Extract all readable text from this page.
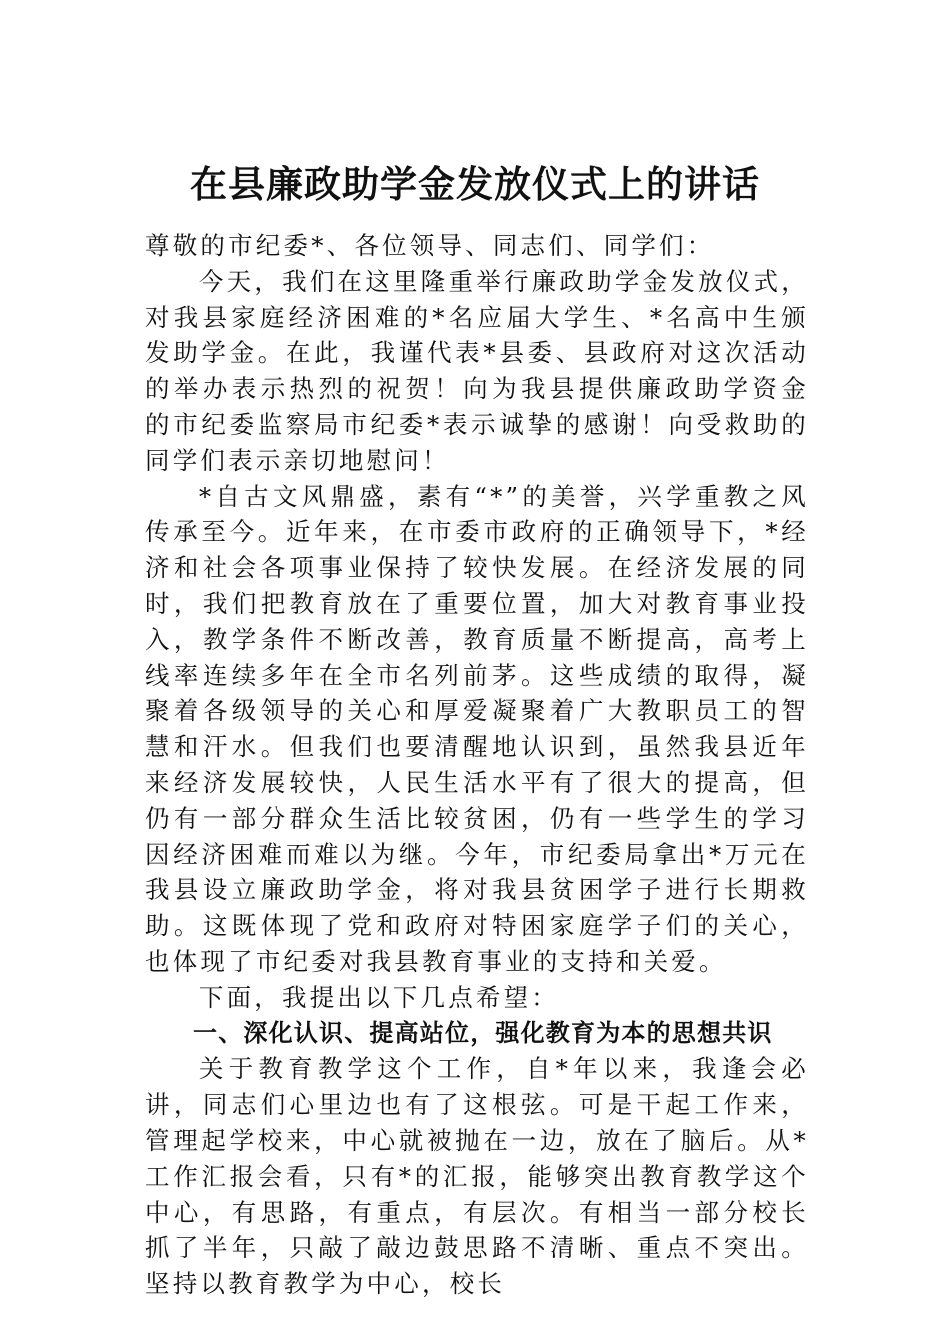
在县廉政助学金发放仪式上的讲话

尊敬的市纪委*、各位领导、同志们、同学们：

今天，我们在这里隆重举行廉政助学金发放仪式，对我县家庭经济困难的*名应届大学生、*名高中生颁发助学金。在此，我谨代表*县委、县政府对这次活动的举办表示热烈的祝贺！向为我县提供廉政助学资金的市纪委监察局市纪委*表示诚挚的感谢！向受救助的同学们表示亲切地慰问！

*自古文风鼎盛，素有“*”的美誉，兴学重教之风传承至今。近年来，在市委市政府的正确领导下，*经济和社会各项事业保持了较快发展。在经济发展的同时，我们把教育放在了重要位置，加大对教育事业投入，教学条件不断改善，教育质量不断提高，高考上线率连续多年在全市名列前茅。这些成绩的取得，凝聚着各级领导的关心和厚爱凝聚着广大教职员工的智慧和汗水。但我们也要清醒地认识到，虽然我县近年来经济发展较快，人民生活水平有了很大的提高，但仍有一部分群众生活比较贫困，仍有一些学生的学习因经济困难而难以为继。今年，市纪委局拿出*万元在我县设立廉政助学金，将对我县贫困学子进行长期救助。这既体现了党和政府对特困家庭学子们的关心，也体现了市纪委对我县教育事业的支持和关爱。

下面，我提出以下几点希望：

一、深化认识、提高站位，强化教育为本的思想共识

关于教育教学这个工作，自*年以来，我逢会必讲，同志们心里边也有了这根弦。可是干起工作来，管理起学校来，中心就被抛在一边，放在了脑后。从*工作汇报会看，只有*的汇报，能够突出教育教学这个中心，有思路，有重点，有层次。有相当一部分校长抓了半年，只敲了敲边鼓思路不清晰、重点不突出。坚持以教育教学为中心，校长
